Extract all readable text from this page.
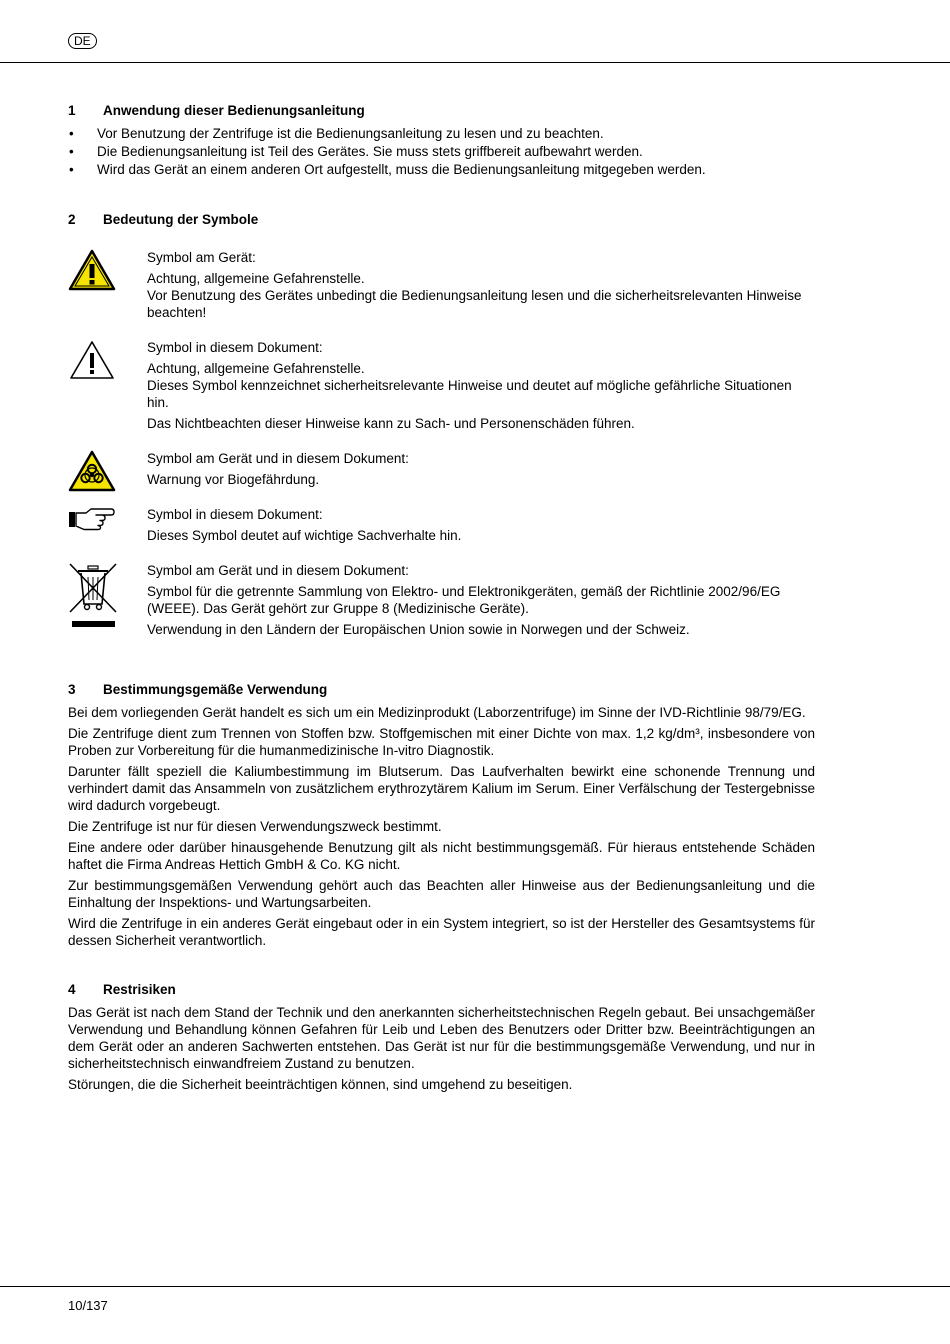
DE
1 Anwendung dieser Bedienungsanleitung
• Vor Benutzung der Zentrifuge ist die Bedienungsanleitung zu lesen und zu beachten.
• Die Bedienungsanleitung ist Teil des Gerätes. Sie muss stets griffbereit aufbewahrt werden.
• Wird das Gerät an einem anderen Ort aufgestellt, muss die Bedienungsanleitung mitgegeben werden.
2 Bedeutung der Symbole

Symbol am Gerät:

Achtung, allgemeine Gefahrenstelle.
Vor Benutzung des Gerätes unbedingt die Bedienungsanleitung lesen und die sicherheitsrelevanten Hinweise beachten!

Symbol in diesem Dokument:

Achtung, allgemeine Gefahrenstelle.
Dieses Symbol kennzeichnet sicherheitsrelevante Hinweise und deutet auf mögliche gefährliche Situationen hin.

Das Nichtbeachten dieser Hinweise kann zu Sach- und Personenschäden führen.

Symbol am Gerät und in diesem Dokument:

Warnung vor Biogefährdung.

Symbol in diesem Dokument:

Dieses Symbol deutet auf wichtige Sachverhalte hin.

Symbol am Gerät und in diesem Dokument:

Symbol für die getrennte Sammlung von Elektro- und Elektronikgeräten, gemäß der Richtlinie 2002/96/EG (WEEE). Das Gerät gehört zur Gruppe 8 (Medizinische Geräte).

Verwendung in den Ländern der Europäischen Union sowie in Norwegen und der Schweiz.

3 Bestimmungsgemäße Verwendung

Bei dem vorliegenden Gerät handelt es sich um ein Medizinprodukt (Laborzentrifuge) im Sinne der IVD-Richtlinie 98/79/EG.

Die Zentrifuge dient zum Trennen von Stoffen bzw. Stoffgemischen mit einer Dichte von max. 1,2 kg/dm³, insbesondere von Proben zur Vorbereitung für die humanmedizinische In-vitro Diagnostik.

Darunter fällt speziell die Kaliumbestimmung im Blutserum. Das Laufverhalten bewirkt eine schonende Trennung und verhindert damit das Ansammeln von zusätzlichem erythrozytärem Kalium im Serum. Einer Verfälschung der Testergebnisse wird dadurch vorgebeugt.

Die Zentrifuge ist nur für diesen Verwendungszweck bestimmt.

Eine andere oder darüber hinausgehende Benutzung gilt als nicht bestimmungsgemäß. Für hieraus entstehende Schäden haftet die Firma Andreas Hettich GmbH & Co. KG nicht.

Zur bestimmungsgemäßen Verwendung gehört auch das Beachten aller Hinweise aus der Bedienungsanleitung und die Einhaltung der Inspektions- und Wartungsarbeiten.

Wird die Zentrifuge in ein anderes Gerät eingebaut oder in ein System integriert, so ist der Hersteller des Gesamtsystems für dessen Sicherheit verantwortlich.

4 Restrisiken

Das Gerät ist nach dem Stand der Technik und den anerkannten sicherheitstechnischen Regeln gebaut. Bei unsachgemäßer Verwendung und Behandlung können Gefahren für Leib und Leben des Benutzers oder Dritter bzw. Beeinträchtigungen an dem Gerät oder an anderen Sachwerten entstehen. Das Gerät ist nur für die bestimmungsgemäße Verwendung, und nur in sicherheitstechnisch einwandfreiem Zustand zu benutzen.

Störungen, die die Sicherheit beeinträchtigen können, sind umgehend zu beseitigen.

10/137
